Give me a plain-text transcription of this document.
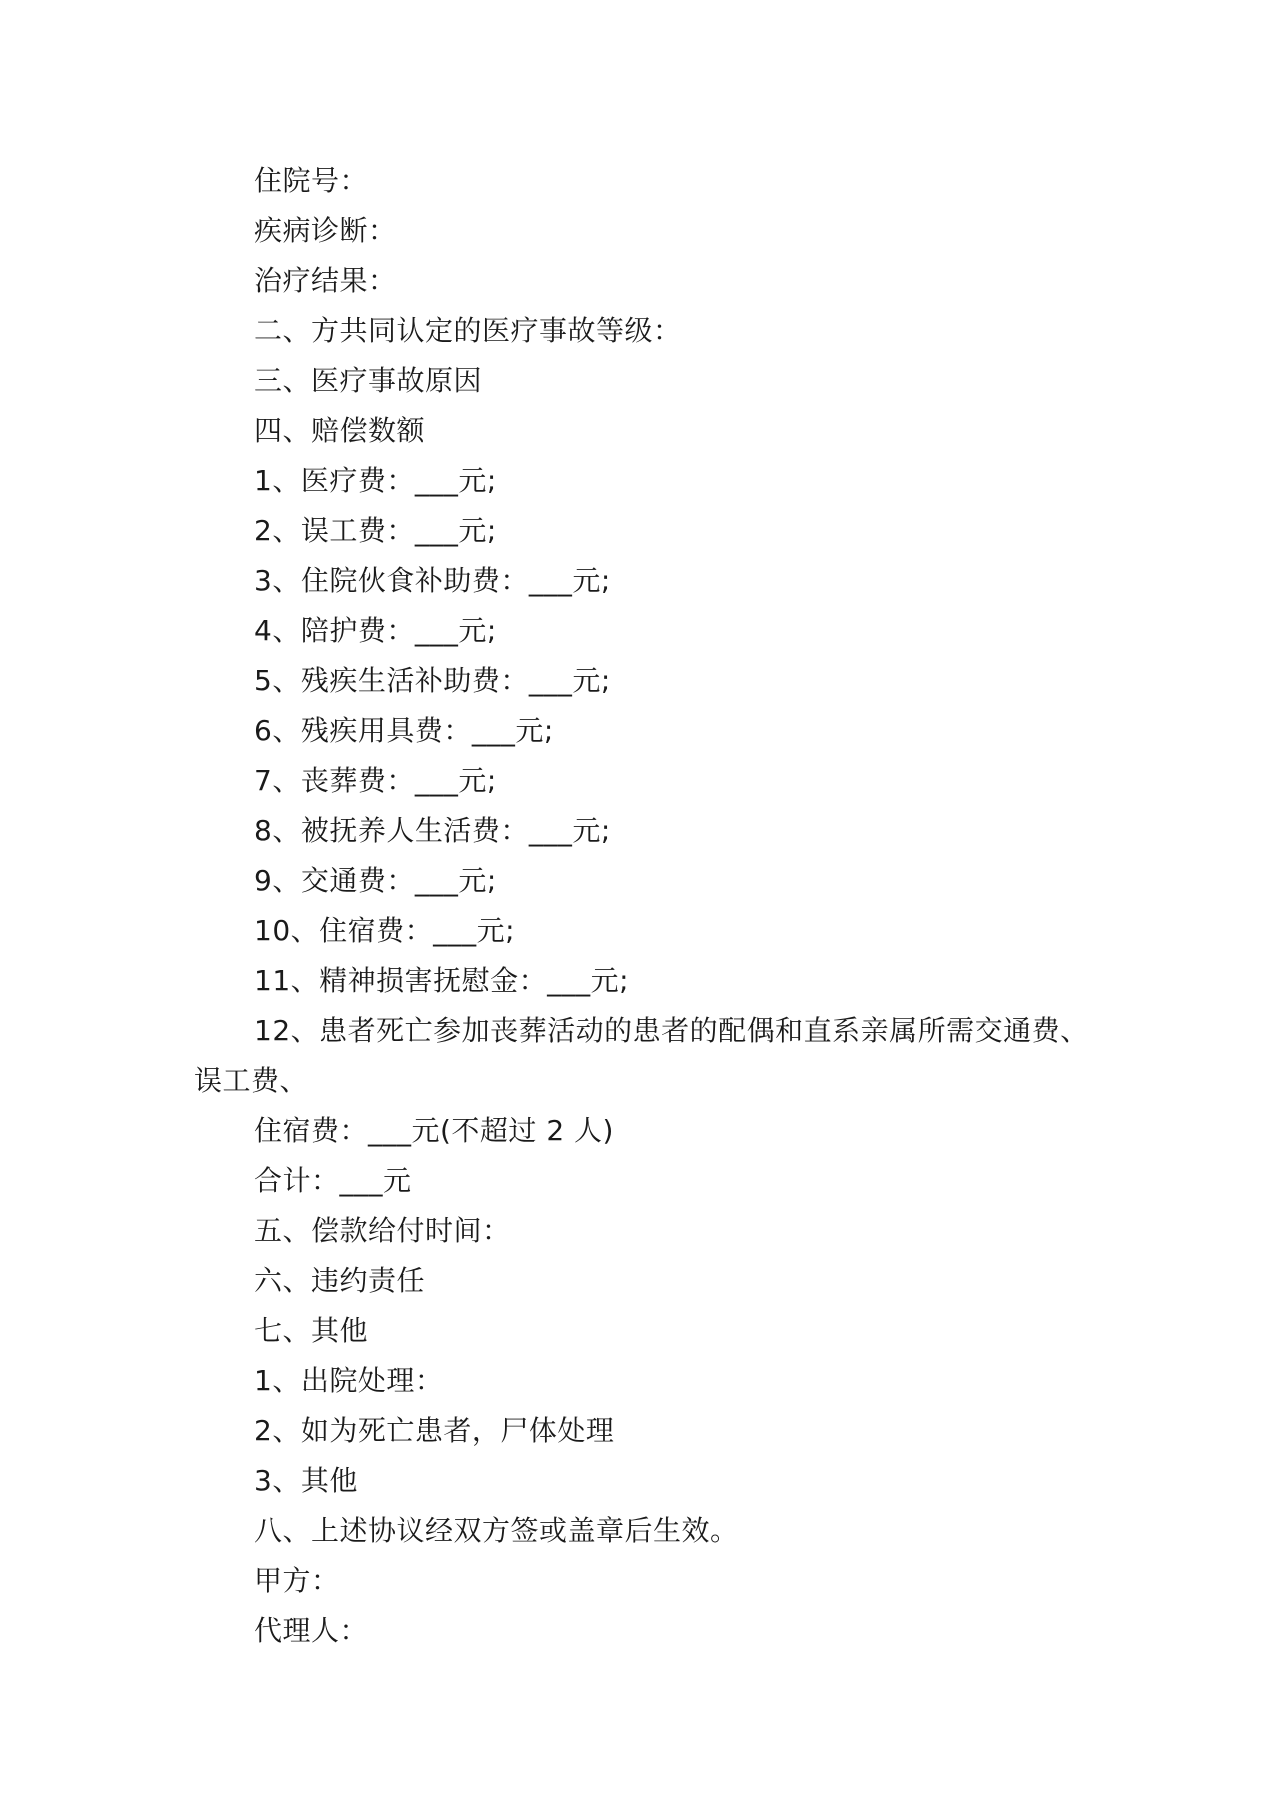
住院号：
疾病诊断：
治疗结果：
二、方共同认定的医疗事故等级：
三、医疗事故原因
四、赔偿数额
1、医疗费：___元;
2、误工费：___元;
3、住院伙食补助费：___元;
4、陪护费：___元;
5、残疾生活补助费：___元;
6、残疾用具费：___元;
7、丧葬费：___元;
8、被抚养人生活费：___元;
9、交通费：___元;
10、住宿费：___元;
11、精神损害抚慰金：___元;
12、患者死亡参加丧葬活动的患者的配偶和直系亲属所需交通费、
误工费、
住宿费：___元(不超过 2 人)
合计：___元
五、偿款给付时间：
六、违约责任
七、其他
1、出院处理：
2、如为死亡患者，尸体处理
3、其他
八、上述协议经双方签或盖章后生效。
甲方：
代理人：
